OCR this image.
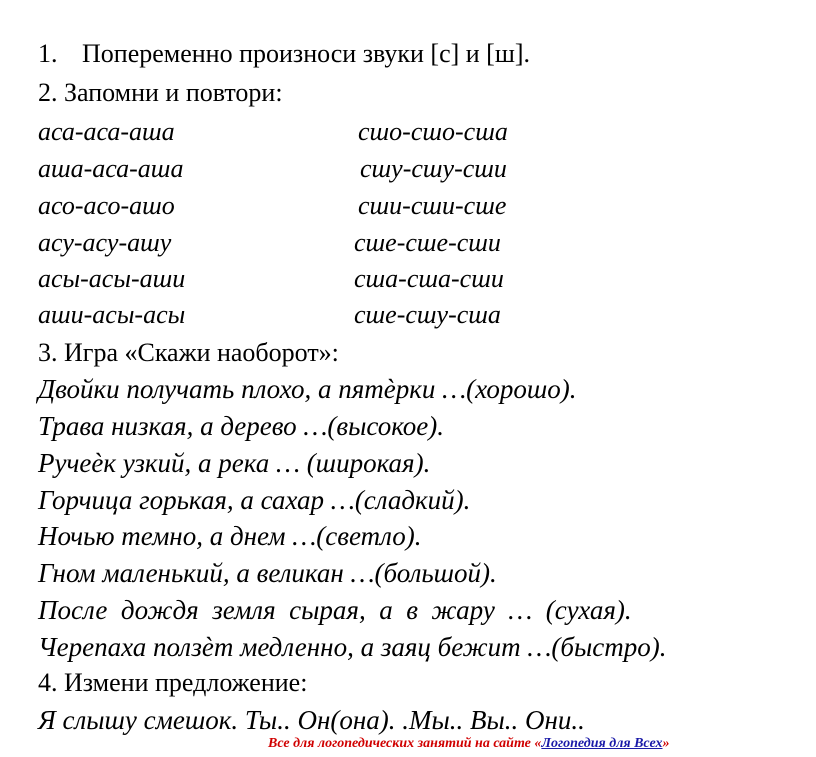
1. Попеременно произноси звуки [с] и [ш].
2. Запомни и повтори:
аса-аса-аша	сшо-сшо-сша
аша-аса-аша	сшу-сшу-сши
асо-асо-ашо	сши-сши-сше
асу-асу-ашу	сше-сше-сши
асы-асы-аши	сша-сша-сши
аши-асы-асы	сше-сшу-сша
3. Игра «Скажи наоборот»:
Двойки получать плохо, а пятѐрки …(хорошо).
Трава низкая, а дерево …(высокое).
Ручеѐк узкий, а река … (широкая).
Горчица горькая, а сахар …(сладкий).
Ночью темно, а днем …(светло).
Гном маленький, а великан …(большой).
После  дождя  земля  сырая,  а  в  жару  …  (сухая).
Черепаха ползѐт медленно, а заяц бежит …(быстро).
4. Измени предложение:
Я слышу смешок. Ты.. Он(она). .Мы.. Вы.. Они..
Все для логопедических занятий на сайте «Логопедия для Всех»
